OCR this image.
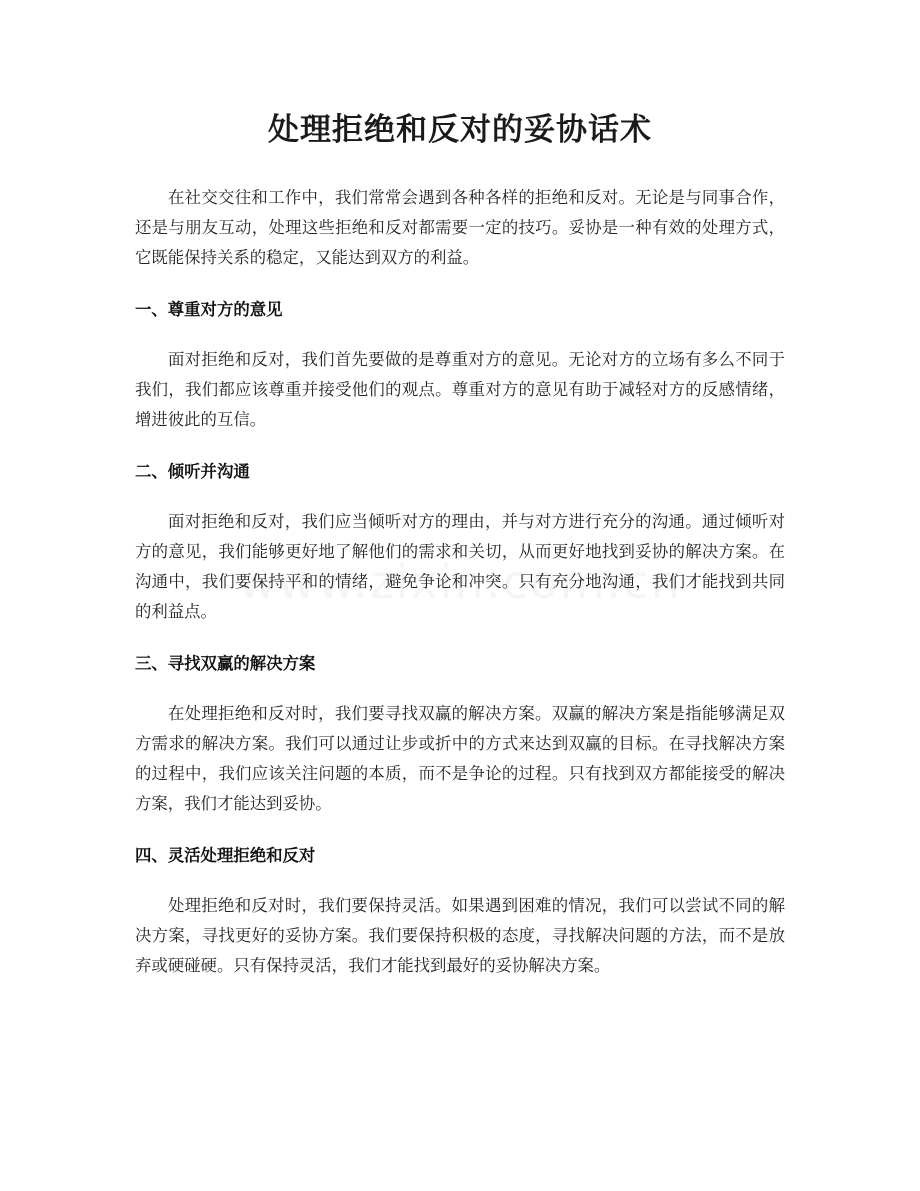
处理拒绝和反对的妥协话术

在社交交往和工作中，我们常常会遇到各种各样的拒绝和反对。无论是与同事合作，还是与朋友互动，处理这些拒绝和反对都需要一定的技巧。妥协是一种有效的处理方式，它既能保持关系的稳定，又能达到双方的利益。

一、尊重对方的意见

面对拒绝和反对，我们首先要做的是尊重对方的意见。无论对方的立场有多么不同于我们，我们都应该尊重并接受他们的观点。尊重对方的意见有助于减轻对方的反感情绪，增进彼此的互信。

二、倾听并沟通

面对拒绝和反对，我们应当倾听对方的理由，并与对方进行充分的沟通。通过倾听对方的意见，我们能够更好地了解他们的需求和关切，从而更好地找到妥协的解决方案。在沟通中，我们要保持平和的情绪，避免争论和冲突。只有充分地沟通，我们才能找到共同的利益点。

三、寻找双赢的解决方案

在处理拒绝和反对时，我们要寻找双赢的解决方案。双赢的解决方案是指能够满足双方需求的解决方案。我们可以通过让步或折中的方式来达到双赢的目标。在寻找解决方案的过程中，我们应该关注问题的本质，而不是争论的过程。只有找到双方都能接受的解决方案，我们才能达到妥协。

四、灵活处理拒绝和反对

处理拒绝和反对时，我们要保持灵活。如果遇到困难的情况，我们可以尝试不同的解决方案，寻找更好的妥协方案。我们要保持积极的态度，寻找解决问题的方法，而不是放弃或硬碰硬。只有保持灵活，我们才能找到最好的妥协解决方案。
